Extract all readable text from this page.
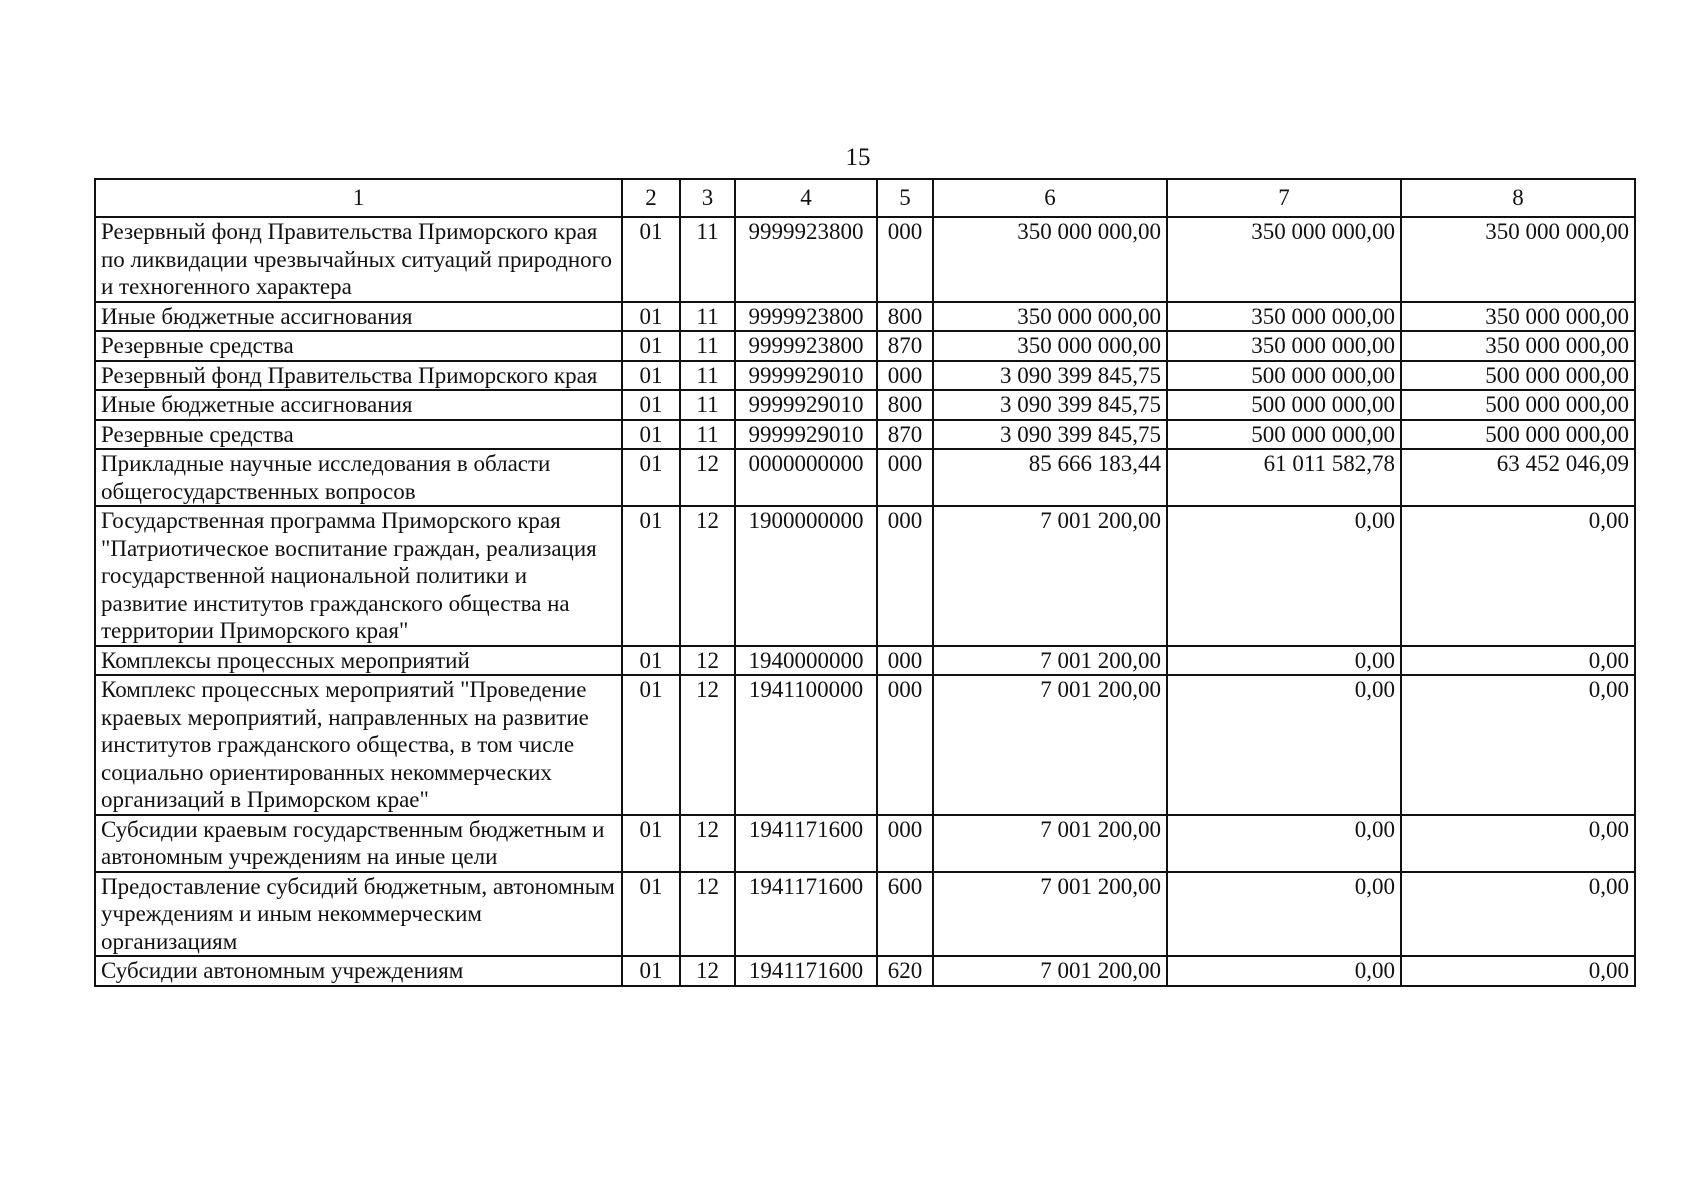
15
1	2	3	4	5	6	7	8
Резервный фонд Правительства Приморского края по ликвидации чрезвычайных ситуаций природного и техногенного характера	01	11	9999923800	000	350 000 000,00	350 000 000,00	350 000 000,00
Иные бюджетные ассигнования	01	11	9999923800	800	350 000 000,00	350 000 000,00	350 000 000,00
Резервные средства	01	11	9999923800	870	350 000 000,00	350 000 000,00	350 000 000,00
Резервный фонд Правительства Приморского края	01	11	9999929010	000	3 090 399 845,75	500 000 000,00	500 000 000,00
Иные бюджетные ассигнования	01	11	9999929010	800	3 090 399 845,75	500 000 000,00	500 000 000,00
Резервные средства	01	11	9999929010	870	3 090 399 845,75	500 000 000,00	500 000 000,00
Прикладные научные исследования в области общегосударственных вопросов	01	12	0000000000	000	85 666 183,44	61 011 582,78	63 452 046,09
Государственная программа Приморского края "Патриотическое воспитание граждан, реализация государственной национальной политики и развитие институтов гражданского общества на территории Приморского края"	01	12	1900000000	000	7 001 200,00	0,00	0,00
Комплексы процессных мероприятий	01	12	1940000000	000	7 001 200,00	0,00	0,00
Комплекс процессных мероприятий "Проведение краевых мероприятий, направленных на развитие институтов гражданского общества, в том числе социально ориентированных некоммерческих организаций в Приморском крае"	01	12	1941100000	000	7 001 200,00	0,00	0,00
Субсидии краевым государственным бюджетным и автономным учреждениям на иные цели	01	12	1941171600	000	7 001 200,00	0,00	0,00
Предоставление субсидий бюджетным, автономным учреждениям и иным некоммерческим организациям	01	12	1941171600	600	7 001 200,00	0,00	0,00
Субсидии автономным учреждениям	01	12	1941171600	620	7 001 200,00	0,00	0,00
